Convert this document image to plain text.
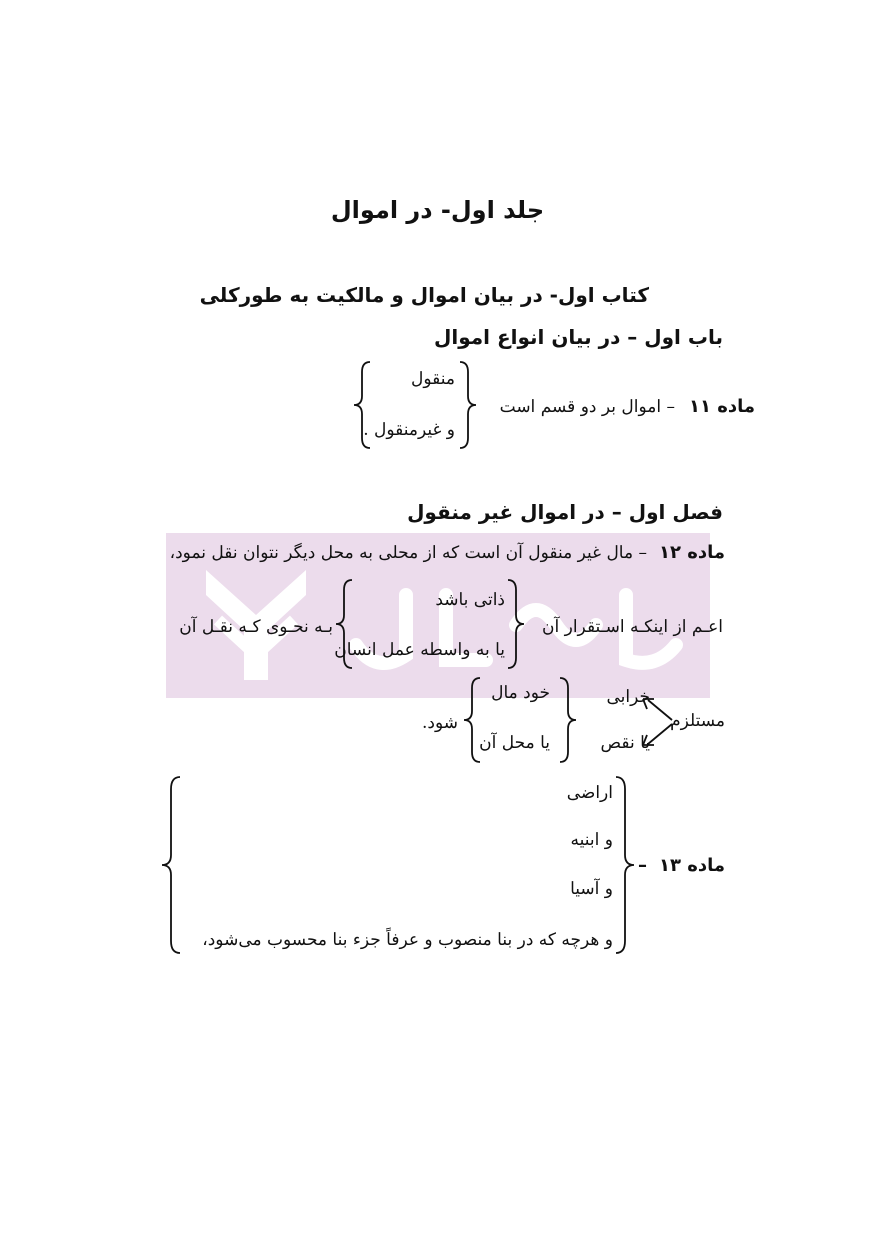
جلد اول- در اموال
کتاب اول- در بیان اموال و مالکیت به طورکلی
باب اول – در بیان انواع اموال
ماده ۱۱
– اموال بر دو قسم است
منقول
و غیرمنقول .
فصل اول – در اموال غیر منقول
ماده ۱۲
– مال غیر منقول آن است که از محلی به محل دیگر نتوان نقل نمود،
اعـم از اینکـه اسـتقرار آن
ذاتی باشد
یا به واسطه عمل انسان
بـه نحـوی کـه نقـل آن
مستلزم
خرابی
یا نقص
خود مال
یا محل آن
شود.
ماده ۱۳
–
اراضی
و ابنیه
و آسیا
و هرچه که در بنا منصوب و عرفاً جزء بنا محسوب می‌شود،
